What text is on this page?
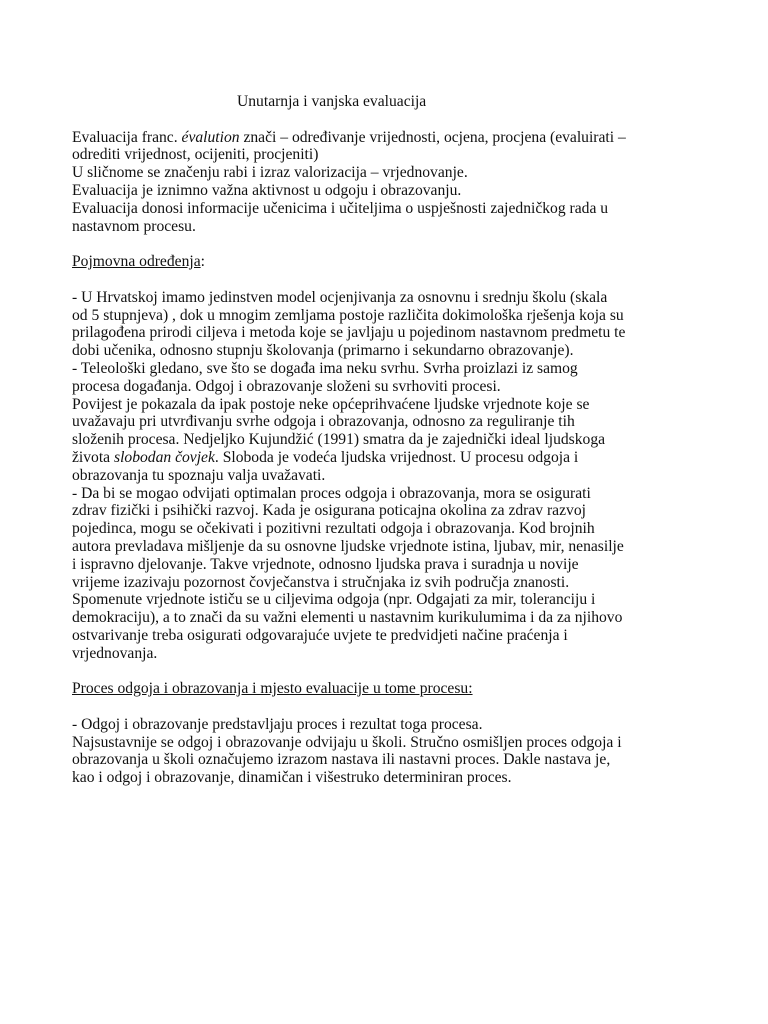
Unutarnja i vanjska evaluacija

Evaluacija franc. évalution znači – određivanje vrijednosti, ocjena, procjena (evaluirati –

odrediti vrijednost, ocijeniti, procjeniti)

U sličnome se značenju rabi i izraz valorizacija – vrjednovanje.

Evaluacija je iznimno važna aktivnost u odgoju i obrazovanju.

Evaluacija donosi informacije učenicima i učiteljima o uspješnosti zajedničkog rada u

nastavnom procesu.

Pojmovna određenja:

- U Hrvatskoj imamo jedinstven model ocjenjivanja za osnovnu i srednju školu (skala

od 5 stupnjeva) , dok u mnogim zemljama postoje različita dokimološka rješenja koja su

prilagođena prirodi ciljeva i metoda koje se javljaju u pojedinom nastavnom predmetu te

dobi učenika, odnosno stupnju školovanja (primarno i sekundarno obrazovanje).

- Teleološki gledano, sve što se događa ima neku svrhu. Svrha proizlazi iz samog

procesa događanja. Odgoj i obrazovanje složeni su svrhoviti procesi.

Povijest je pokazala da ipak postoje neke općeprihvaćene ljudske vrjednote koje se

uvažavaju pri utvrđivanju svrhe odgoja i obrazovanja, odnosno za reguliranje tih

složenih procesa. Nedjeljko Kujundžić (1991) smatra da je zajednički ideal ljudskoga

života slobodan čovjek. Sloboda je vodeća ljudska vrijednost. U procesu odgoja i

obrazovanja tu spoznaju valja uvažavati.

- Da bi se mogao odvijati optimalan proces odgoja i obrazovanja, mora se osigurati

zdrav fizički i psihički razvoj. Kada je osigurana poticajna okolina za zdrav razvoj

pojedinca, mogu se očekivati i pozitivni rezultati odgoja i obrazovanja. Kod brojnih

autora prevladava mišljenje da su osnovne ljudske vrjednote istina, ljubav, mir, nenasilje

i ispravno djelovanje. Takve vrjednote, odnosno ljudska prava i suradnja u novije

vrijeme izazivaju pozornost čovječanstva i stručnjaka iz svih područja znanosti.

Spomenute vrjednote ističu se u ciljevima odgoja (npr. Odgajati za mir, toleranciju i

demokraciju), a to znači da su važni elementi u nastavnim kurikulumima i da za njihovo

ostvarivanje treba osigurati odgovarajuće uvjete te predvidjeti načine praćenja i

vrjednovanja.

Proces odgoja i obrazovanja i mjesto evaluacije u tome procesu:

- Odgoj i obrazovanje predstavljaju proces i rezultat toga procesa.

Najsustavnije se odgoj i obrazovanje odvijaju u školi. Stručno osmišljen proces odgoja i

obrazovanja u školi označujemo izrazom nastava ili nastavni proces. Dakle nastava je,

kao i odgoj i obrazovanje, dinamičan i višestruko determiniran proces.
